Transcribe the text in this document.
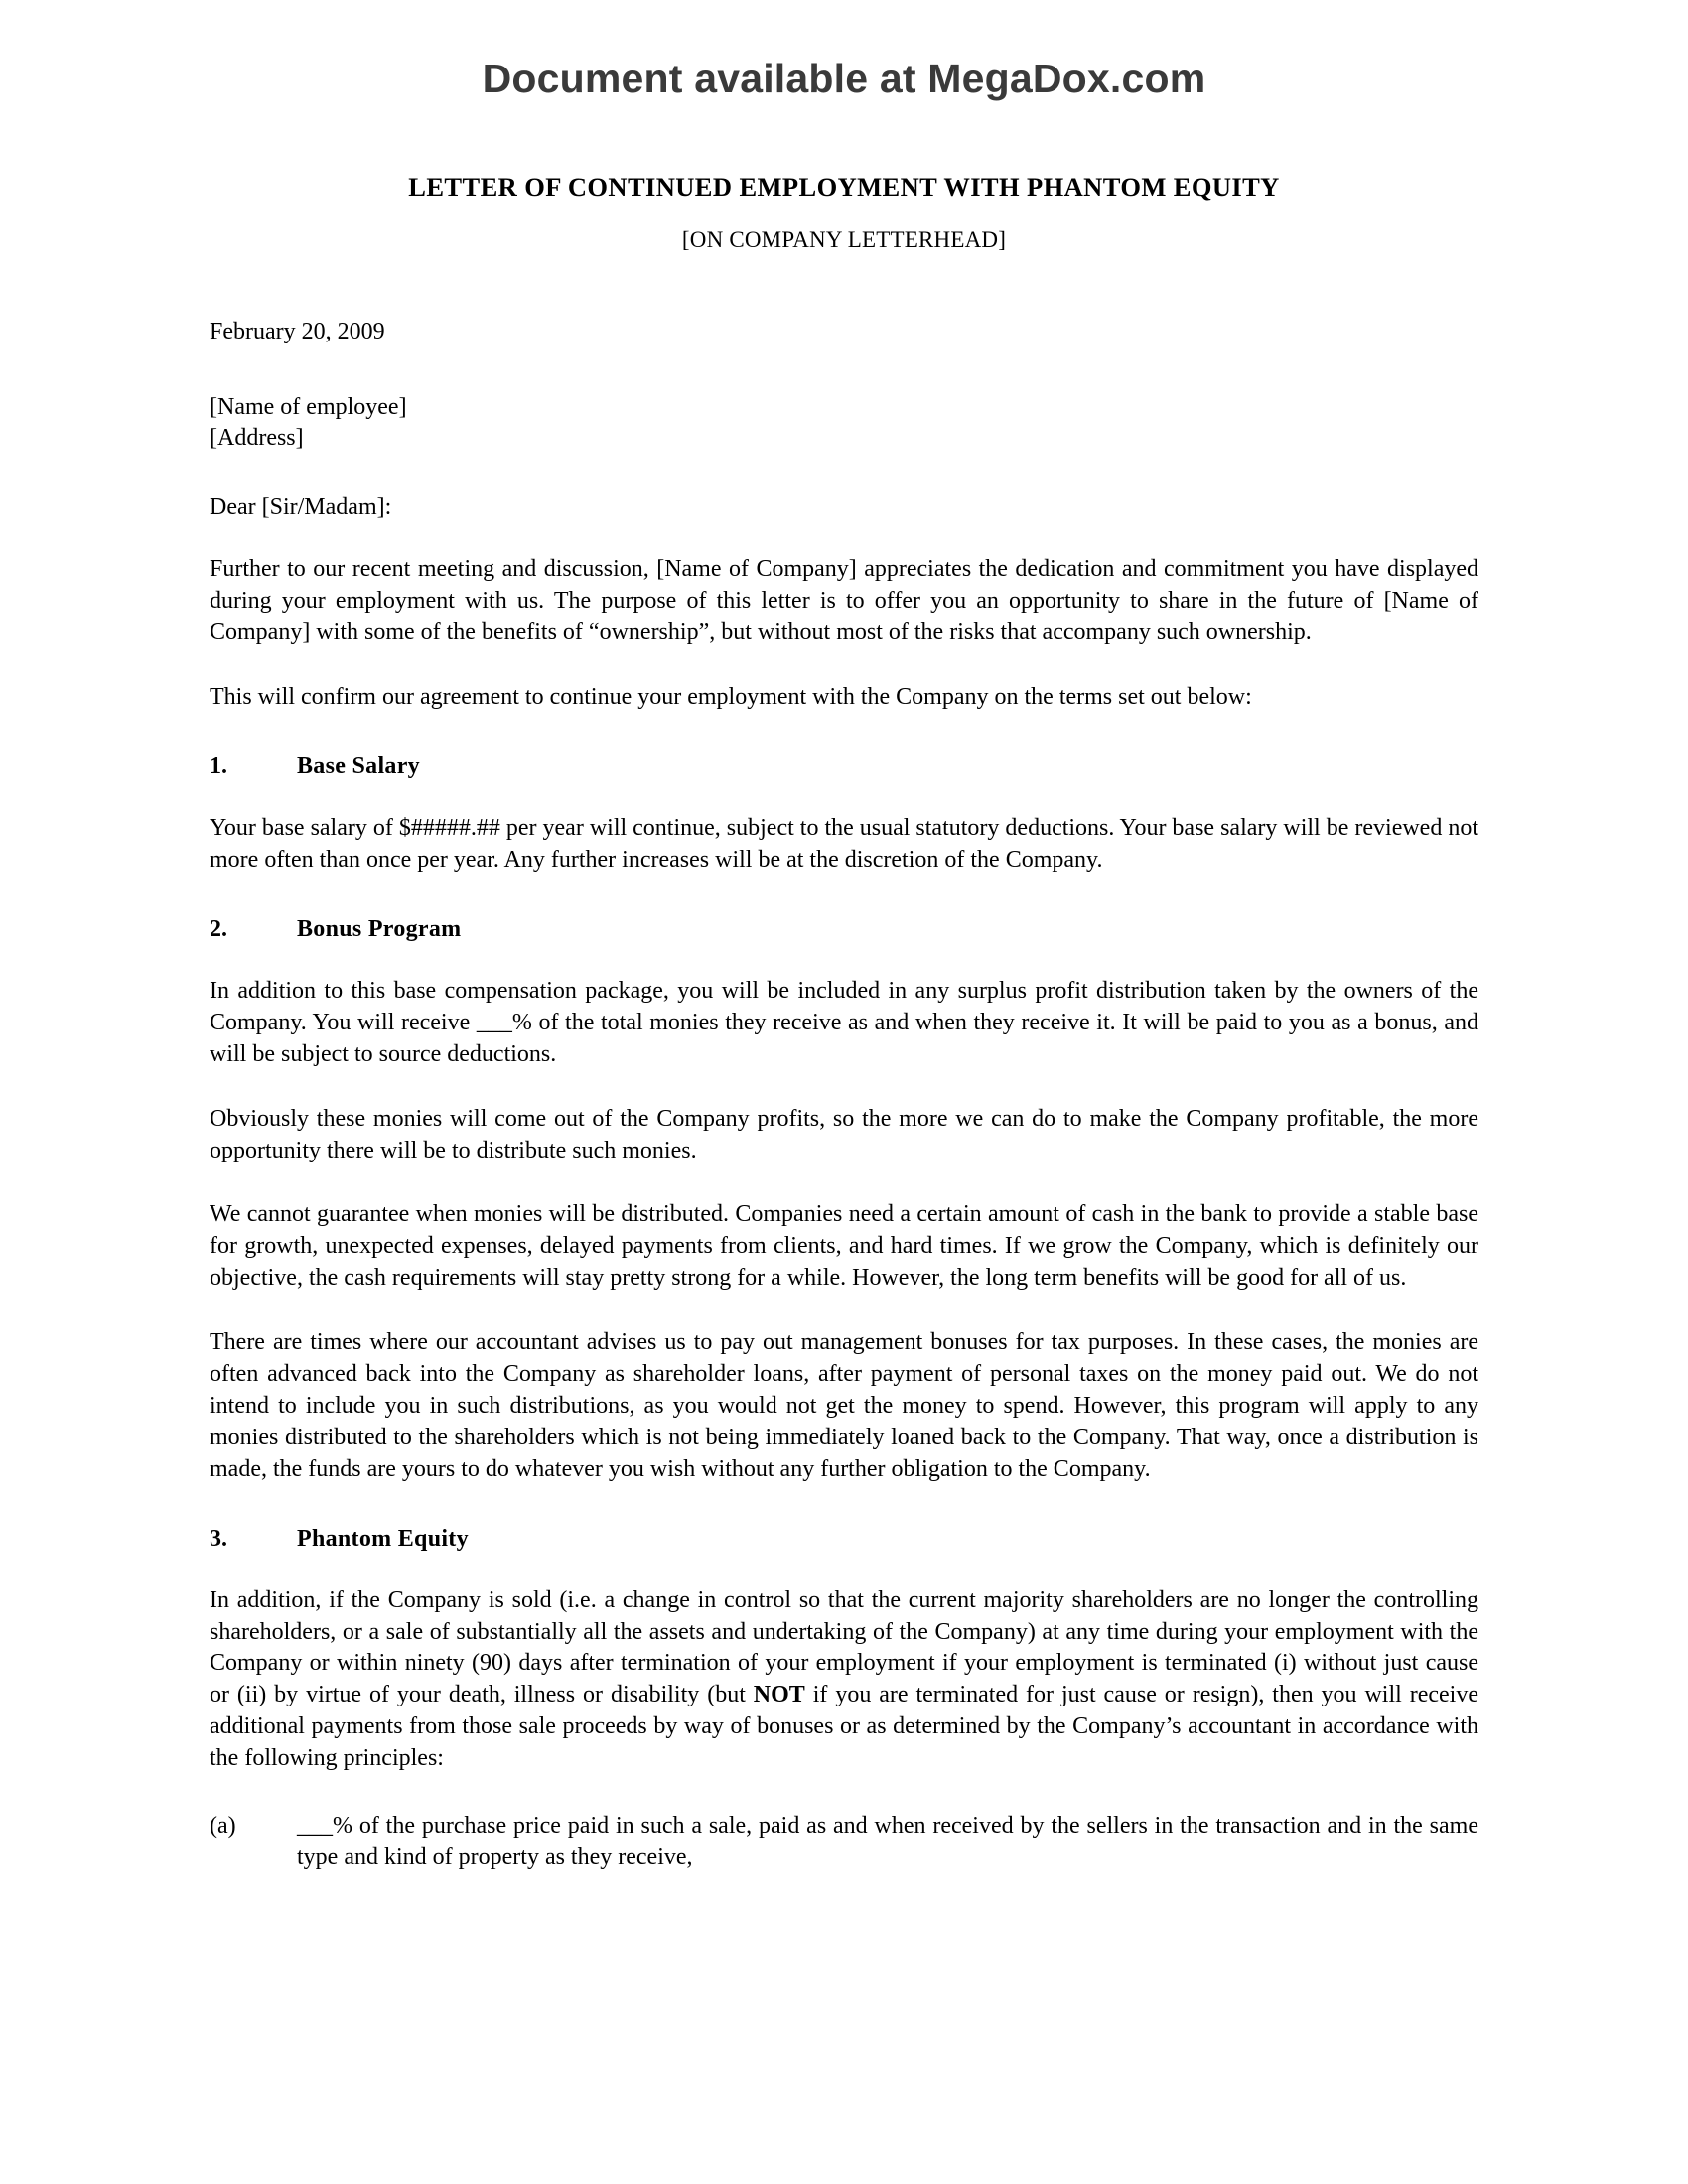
Document available at MegaDox.com
LETTER OF CONTINUED EMPLOYMENT WITH PHANTOM EQUITY
[ON COMPANY LETTERHEAD]
February 20, 2009
[Name of employee]
[Address]
Dear [Sir/Madam]:

Further to our recent meeting and discussion, [Name of Company] appreciates the dedication and commitment you have displayed during your employment with us. The purpose of this letter is to offer you an opportunity to share in the future of [Name of Company] with some of the benefits of “ownership”, but without most of the risks that accompany such ownership.

This will confirm our agreement to continue your employment with the Company on the terms set out below:

1.	Base Salary

Your base salary of $#####.## per year will continue, subject to the usual statutory deductions. Your base salary will be reviewed not more often than once per year. Any further increases will be at the discretion of the Company.

2.	Bonus Program

In addition to this base compensation package, you will be included in any surplus profit distribution taken by the owners of the Company. You will receive ___% of the total monies they receive as and when they receive it. It will be paid to you as a bonus, and will be subject to source deductions.

Obviously these monies will come out of the Company profits, so the more we can do to make the Company profitable, the more opportunity there will be to distribute such monies.

We cannot guarantee when monies will be distributed. Companies need a certain amount of cash in the bank to provide a stable base for growth, unexpected expenses, delayed payments from clients, and hard times. If we grow the Company, which is definitely our objective, the cash requirements will stay pretty strong for a while. However, the long term benefits will be good for all of us.

There are times where our accountant advises us to pay out management bonuses for tax purposes. In these cases, the monies are often advanced back into the Company as shareholder loans, after payment of personal taxes on the money paid out. We do not intend to include you in such distributions, as you would not get the money to spend. However, this program will apply to any monies distributed to the shareholders which is not being immediately loaned back to the Company. That way, once a distribution is made, the funds are yours to do whatever you wish without any further obligation to the Company.

3.	Phantom Equity

In addition, if the Company is sold (i.e. a change in control so that the current majority shareholders are no longer the controlling shareholders, or a sale of substantially all the assets and undertaking of the Company) at any time during your employment with the Company or within ninety (90) days after termination of your employment if your employment is terminated (i) without just cause or (ii) by virtue of your death, illness or disability (but NOT if you are terminated for just cause or resign), then you will receive additional payments from those sale proceeds by way of bonuses or as determined by the Company’s accountant in accordance with the following principles:

(a)	___% of the purchase price paid in such a sale, paid as and when received by the sellers in the transaction and in the same type and kind of property as they receive,
